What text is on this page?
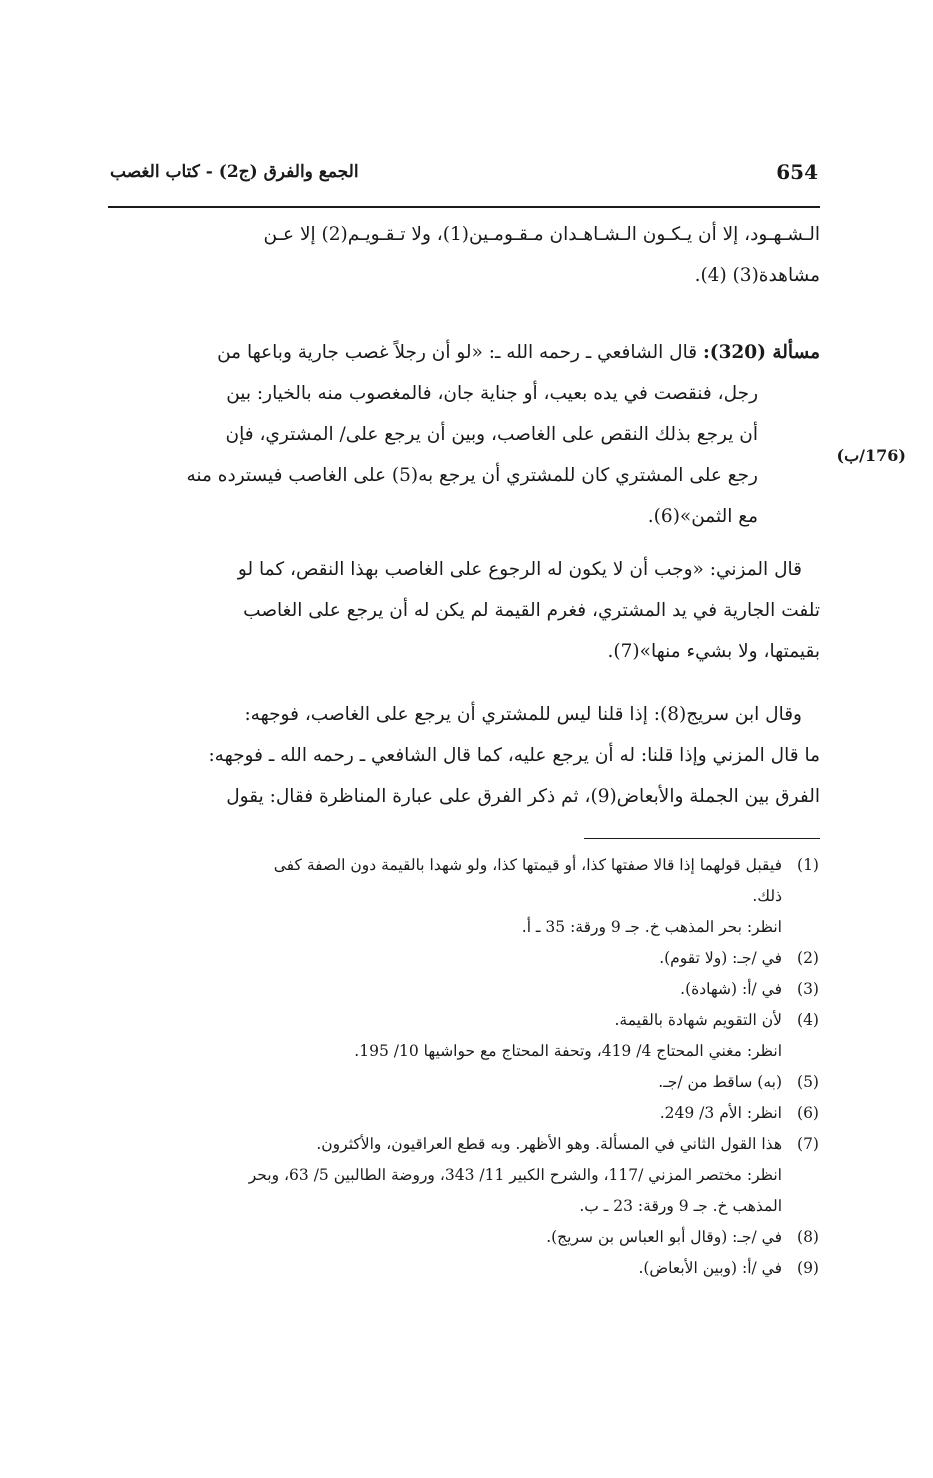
654
الجمع والفرق (ج2) - كتاب الغصب
الـشـهـود، إلا أن يـكـون الـشـاهـدان مـقـومـين(1)، ولا تـقـويـم(2) إلا عـن
مشاهدة(3) (4).
مسألة (320): قال الشافعي ـ رحمه الله ـ: «لو أن رجلاً غصب جارية وباعها من
رجل، فنقصت في يده بعيب، أو جناية جان، فالمغصوب منه بالخيار: بين
أن يرجع بذلك النقص على الغاصب، وبين أن يرجع على/ المشتري، فإن
رجع على المشتري كان للمشتري أن يرجع به(5) على الغاصب فيسترده منه
مع الثمن»(6).
(176/ب)
قال المزني: «وجب أن لا يكون له الرجوع على الغاصب بهذا النقص، كما لو
تلفت الجارية في يد المشتري، فغرم القيمة لم يكن له أن يرجع على الغاصب
بقيمتها، ولا بشيء منها»(7).
وقال ابن سريج(8): إذا قلنا ليس للمشتري أن يرجع على الغاصب، فوجهه:
ما قال المزني وإذا قلنا: له أن يرجع عليه، كما قال الشافعي ـ رحمه الله ـ فوجهه:
الفرق بين الجملة والأبعاض(9)، ثم ذكر الفرق على عبارة المناظرة فقال: يقول
(1)
فيقبل قولهما إذا قالا صفتها كذا، أو قيمتها كذا، ولو شهدا بالقيمة دون الصفة كفى
ذلك.
انظر: بحر المذهب خ. جـ 9 ورقة: 35 ـ أ.
(2)
في /جـ: (ولا تقوم).
(3)
في /أ: (شهادة).
(4)
لأن التقويم شهادة بالقيمة.
انظر: مغني المحتاج 4/ 419، وتحفة المحتاج مع حواشيها 10/ 195.
(5)
(به) ساقط من /جـ.
(6)
انظر: الأم 3/ 249.
(7)
هذا القول الثاني في المسألة. وهو الأظهر. وبه قطع العراقيون، والأكثرون.
انظر: مختصر المزني /117، والشرح الكبير 11/ 343، وروضة الطالبين 5/ 63، وبحر
المذهب خ. جـ 9 ورقة: 23 ـ ب.
(8)
في /جـ: (وقال أبو العباس بن سريج).
(9)
في /أ: (وبين الأبعاض).
